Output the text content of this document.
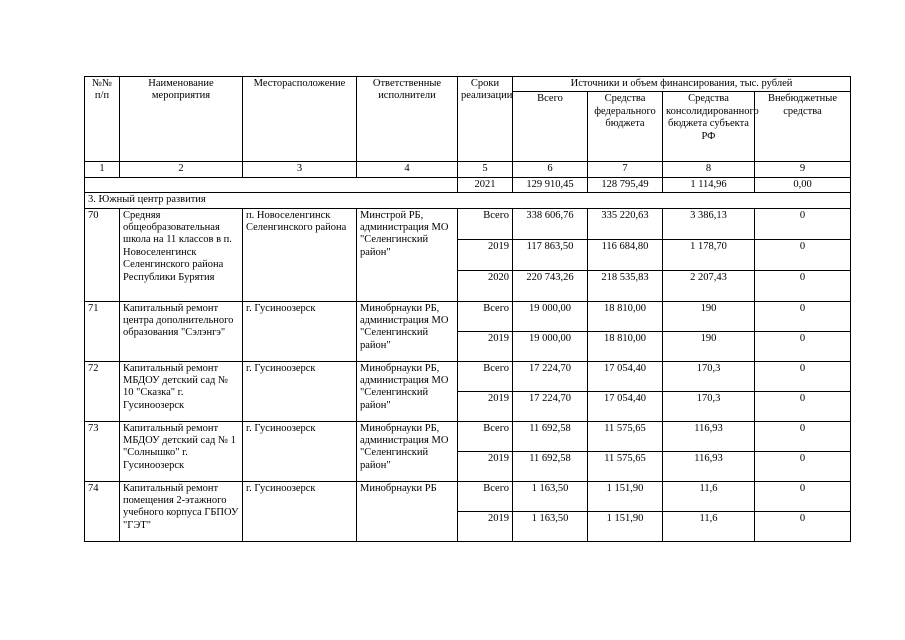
№№ п/п	Наименование мероприятия	Месторасположение	Ответственные исполнители	Сроки реализации	Источники и объем финансирования, тыс. рублей			
					Всего	Средства федерального бюджета	Средства консолидированного бюджета субъекта РФ	Внебюджетные средства
1	2	3	4	5	6	7	8	9
				2021	129 910,45	128 795,49	1 114,96	0,00
3. Южный центр развития								
70	Средняя общеобразовательная школа на 11 классов в п. Новоселенгинск Селенгинского района Республики Бурятия	п. Новоселенгинск Селенгинского района	Минстрой РБ, администрация МО "Селенгинский район"	Всего	338 606,76	335 220,63	3 386,13	0
				2019	117 863,50	116 684,80	1 178,70	0
				2020	220 743,26	218 535,83	2 207,43	0
71	Капитальный ремонт центра дополнительного образования "Сэлэнгэ"	г. Гусиноозерск	Минобрнауки РБ, администрация МО "Селенгинский район"	Всего	19 000,00	18 810,00	190	0
				2019	19 000,00	18 810,00	190	0
72	Капитальный ремонт МБДОУ детский сад № 10 "Сказка" г. Гусиноозерск	г. Гусиноозерск	Минобрнауки РБ, администрация МО "Селенгинский район"	Всего	17 224,70	17 054,40	170,3	0
				2019	17 224,70	17 054,40	170,3	0
73	Капитальный ремонт МБДОУ детский сад № 1 "Солнышко" г. Гусиноозерск	г. Гусиноозерск	Минобрнауки РБ, администрация МО "Селенгинский район"	Всего	11 692,58	11 575,65	116,93	0
				2019	11 692,58	11 575,65	116,93	0
74	Капитальный ремонт помещения 2-этажного учебного корпуса ГБПОУ "ГЭТ"	г. Гусиноозерск	Минобрнауки РБ	Всего	1 163,50	1 151,90	11,6	0
				2019	1 163,50	1 151,90	11,6	0
